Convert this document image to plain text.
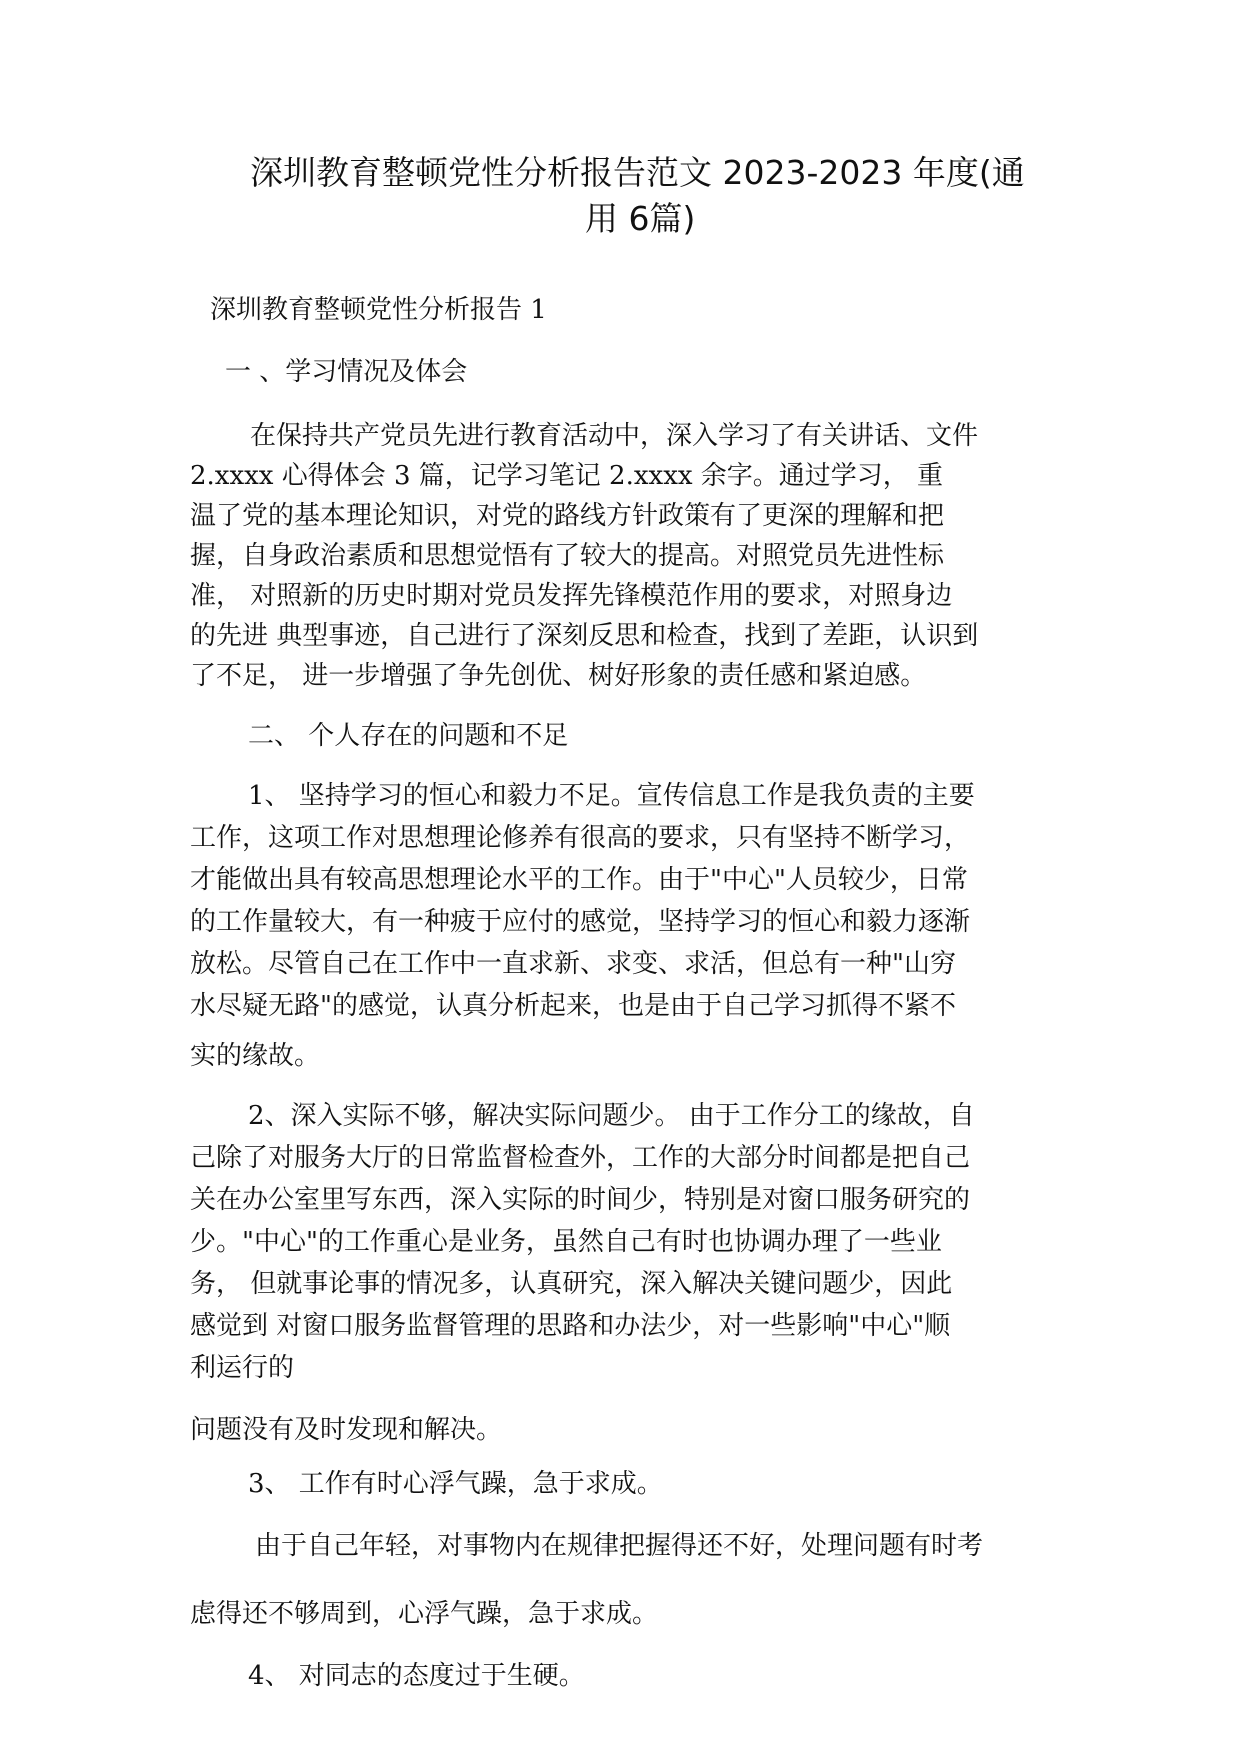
深圳教育整顿党性分析报告范文 2023-2023 年度(通
用 6篇)
深圳教育整顿党性分析报告 1
一 、学习情况及体会
在保持共产党员先进行教育活动中，深入学习了有关讲话、文件
2.xxxx 心得体会 3 篇，记学习笔记 2.xxxx 余字。通过学习， 重
温了党的基本理论知识，对党的路线方针政策有了更深的理解和把
握，自身政治素质和思想觉悟有了较大的提高。对照党员先进性标
准， 对照新的历史时期对党员发挥先锋模范作用的要求，对照身边
的先进 典型事迹，自己进行了深刻反思和检查，找到了差距，认识到
了不足， 进一步增强了争先创优、树好形象的责任感和紧迫感。
二、 个人存在的问题和不足
1、 坚持学习的恒心和毅力不足。宣传信息工作是我负责的主要
工作，这项工作对思想理论修养有很高的要求，只有坚持不断学习，
才能做出具有较高思想理论水平的工作。由于"中心"人员较少，日常
的工作量较大，有一种疲于应付的感觉，坚持学习的恒心和毅力逐渐
放松。尽管自己在工作中一直求新、求变、求活，但总有一种"山穷
水尽疑无路"的感觉，认真分析起来，也是由于自己学习抓得不紧不
实的缘故。
2、深入实际不够，解决实际问题少。 由于工作分工的缘故，自
己除了对服务大厅的日常监督检查外，工作的大部分时间都是把自己
关在办公室里写东西，深入实际的时间少，特别是对窗口服务研究的
少。"中心"的工作重心是业务，虽然自己有时也协调办理了一些业
务， 但就事论事的情况多，认真研究，深入解决关键问题少，因此
感觉到 对窗口服务监督管理的思路和办法少，对一些影响"中心"顺
利运行的
问题没有及时发现和解决。
3、 工作有时心浮气躁，急于求成。
由于自己年轻，对事物内在规律把握得还不好，处理问题有时考
虑得还不够周到，心浮气躁，急于求成。
4、 对同志的态度过于生硬。
